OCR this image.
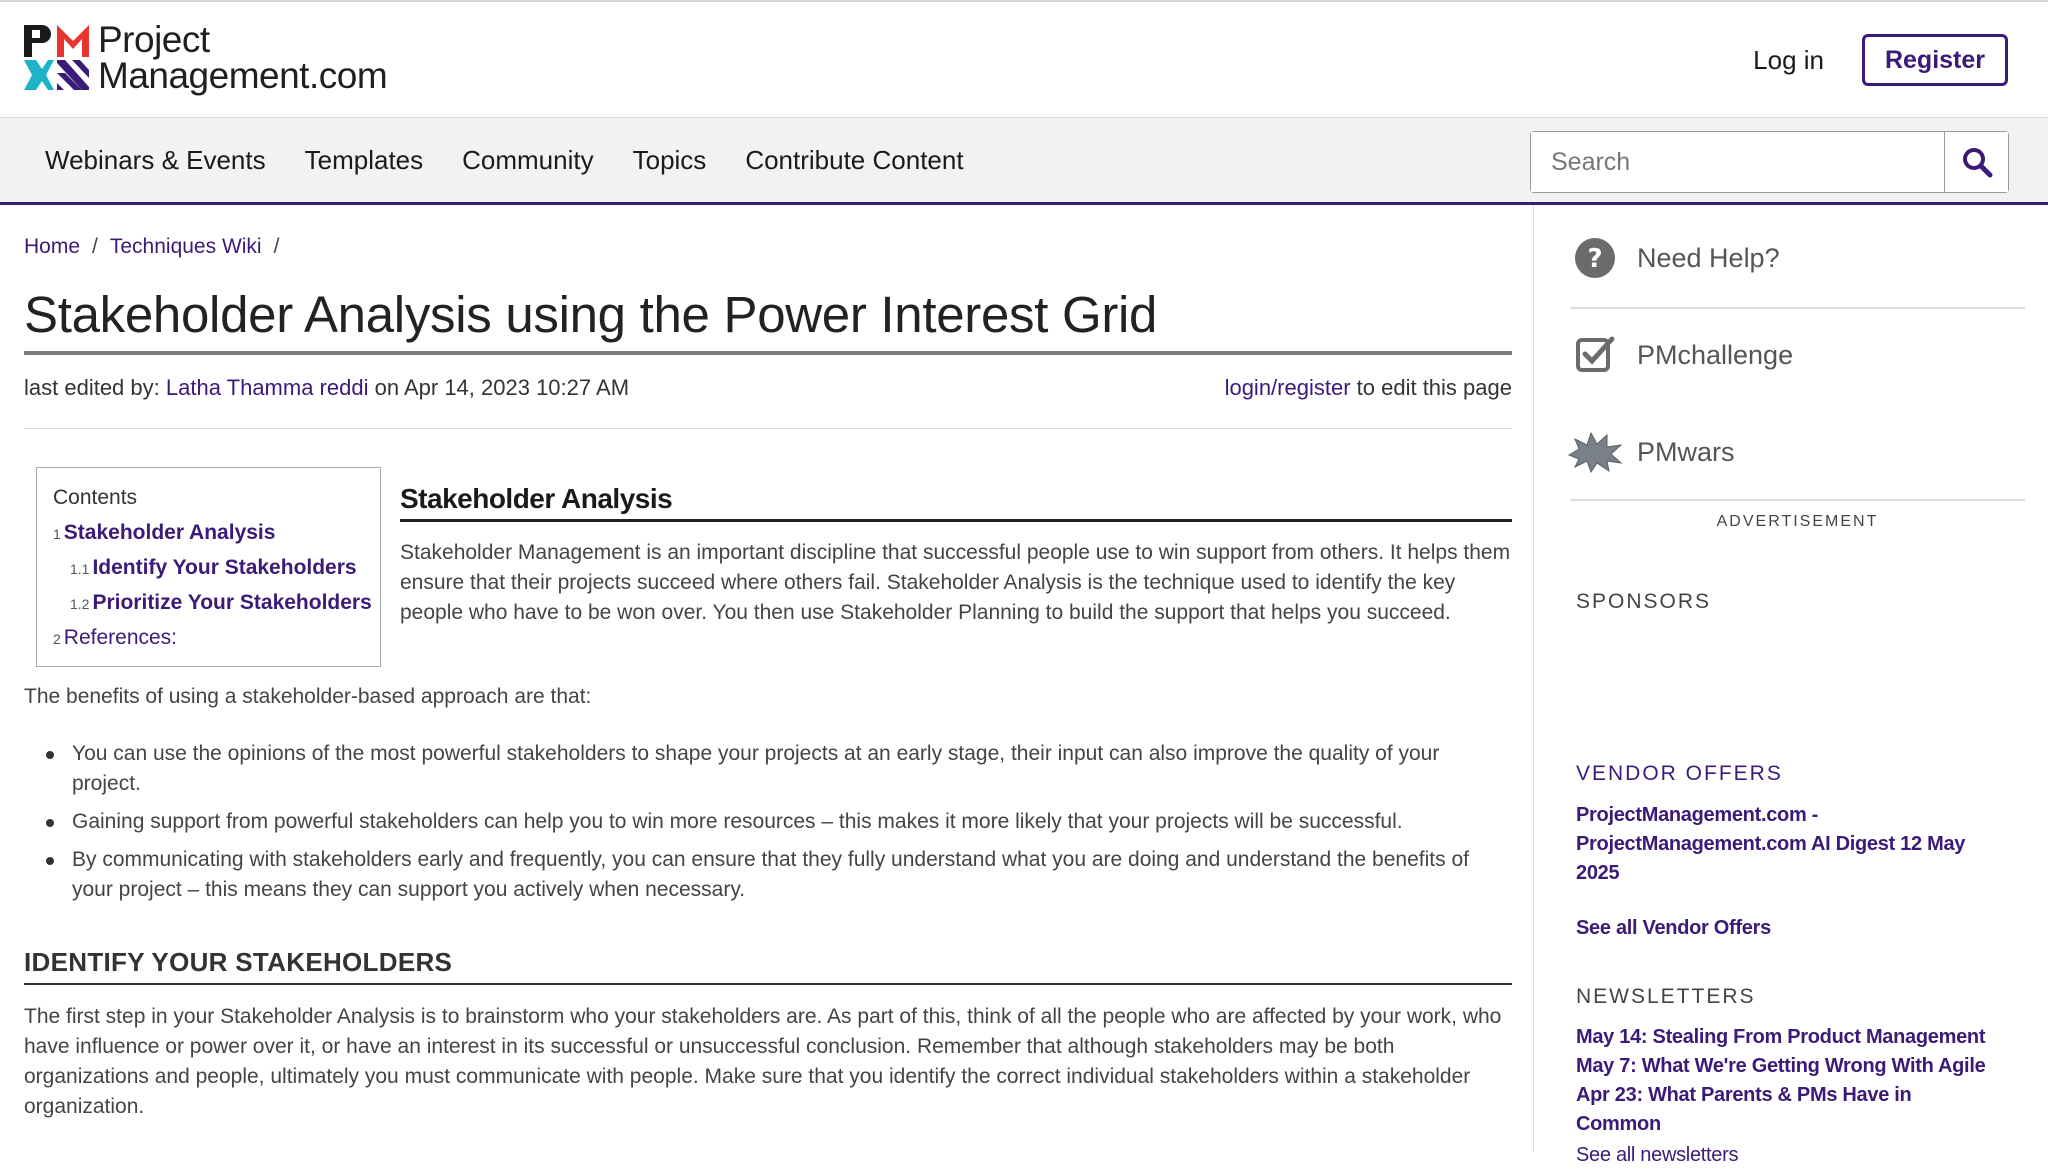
Project
Management.com	Log in	Register
Webinars & Events Templates Community Topics Contribute Content
Search
Home / Techniques Wiki /
Stakeholder Analysis using the Power Interest Grid
last edited by: Latha Thamma reddi on Apr 14, 2023 10:27 AM	login/register to edit this page
Contents
1 Stakeholder Analysis
1.1 Identify Your Stakeholders
1.2 Prioritize Your Stakeholders
2 References:
Stakeholder Analysis

Stakeholder Management is an important discipline that successful people use to win support from others. It helps them ensure that their projects succeed where others fail. Stakeholder Analysis is the technique used to identify the key people who have to be won over. You then use Stakeholder Planning to build the support that helps you succeed.

The benefits of using a stakeholder-based approach are that:

You can use the opinions of the most powerful stakeholders to shape your projects at an early stage, their input can also improve the quality of your project.
Gaining support from powerful stakeholders can help you to win more resources – this makes it more likely that your projects will be successful.
By communicating with stakeholders early and frequently, you can ensure that they fully understand what you are doing and understand the benefits of your project – this means they can support you actively when necessary.
IDENTIFY YOUR STAKEHOLDERS

The first step in your Stakeholder Analysis is to brainstorm who your stakeholders are. As part of this, think of all the people who are affected by your work, who have influence or power over it, or have an interest in its successful or unsuccessful conclusion. Remember that although stakeholders may be both organizations and people, ultimately you must communicate with people. Make sure that you identify the correct individual stakeholders within a stakeholder organization.

? Need Help?
PMchallenge
PMwars
ADVERTISEMENT
SPONSORS
VENDOR OFFERS
ProjectManagement.com - ProjectManagement.com AI Digest 12 May 2025
See all Vendor Offers
NEWSLETTERS
May 14: Stealing From Product Management
May 7: What We're Getting Wrong With Agile
Apr 23: What Parents & PMs Have in Common
See all newsletters
